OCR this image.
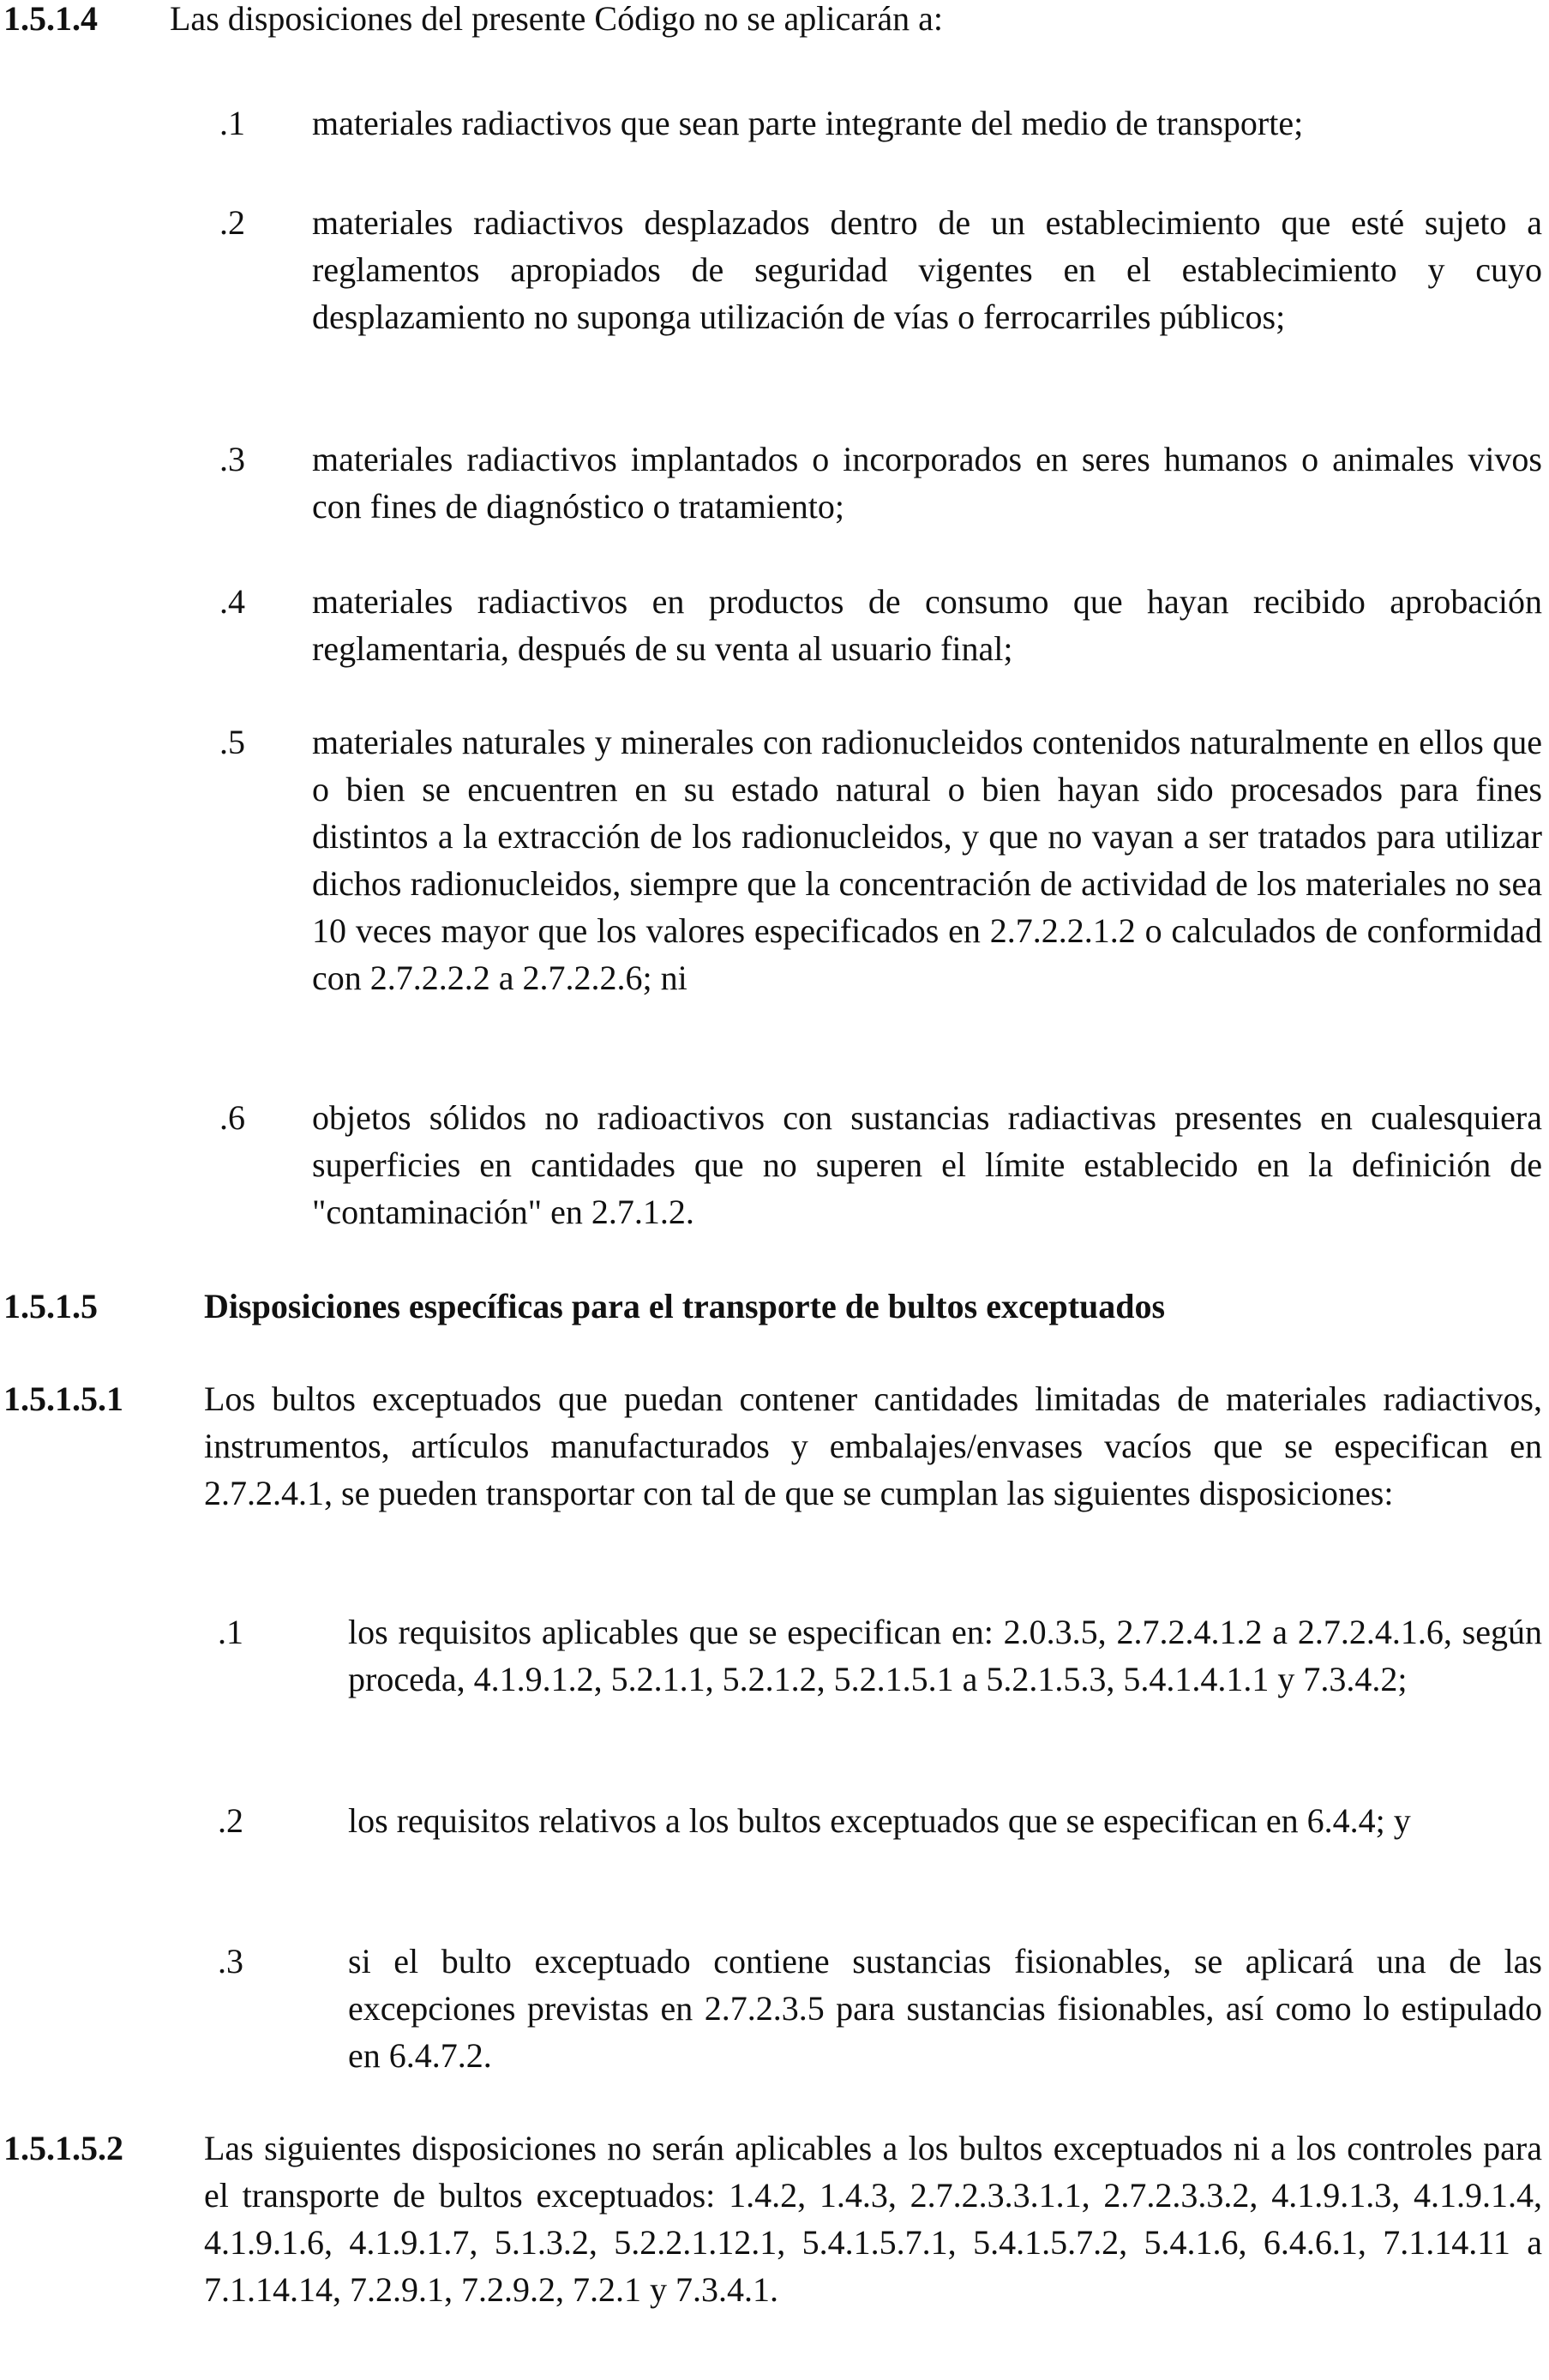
1.5.1.4 Las disposiciones del presente Código no se aplicarán a:
.1 materiales radiactivos que sean parte integrante del medio de transporte;

.2 materiales radiactivos desplazados dentro de un establecimiento que esté sujeto a reglamentos apropiados de seguridad vigentes en el establecimiento y cuyo desplazamiento no suponga utilización de vías o ferrocarriles públicos;

.3 materiales radiactivos implantados o incorporados en seres humanos o animales vivos con fines de diagnóstico o tratamiento;

.4 materiales radiactivos en productos de consumo que hayan recibido aprobación reglamentaria, después de su venta al usuario final;

.5 materiales naturales y minerales con radionucleidos contenidos naturalmente en ellos que o bien se encuentren en su estado natural o bien hayan sido procesados para fines distintos a la extracción de los radionucleidos, y que no vayan a ser tratados para utilizar dichos radionucleidos, siempre que la concentración de actividad de los materiales no sea 10 veces mayor que los valores especificados en 2.7.2.2.1.2 o calculados de conformidad con 2.7.2.2.2 a 2.7.2.2.6; ni

.6 objetos sólidos no radioactivos con sustancias radiactivas presentes en cualesquiera superficies en cantidades que no superen el límite establecido en la definición de "contaminación" en 2.7.1.2.

1.5.1.5	Disposiciones específicas para el transporte de bultos exceptuados
1.5.1.5.1 Los bultos exceptuados que puedan contener cantidades limitadas de materiales radiactivos, instrumentos, artículos manufacturados y embalajes/envases vacíos que se especifican en 2.7.2.4.1, se pueden transportar con tal de que se cumplan las siguientes disposiciones:

.1	los requisitos aplicables que se especifican en: 2.0.3.5, 2.7.2.4.1.2 a 2.7.2.4.1.6, según proceda, 4.1.9.1.2, 5.2.1.1, 5.2.1.2, 5.2.1.5.1 a 5.2.1.5.3, 5.4.1.4.1.1 y 7.3.4.2;

.2	los requisitos relativos a los bultos exceptuados que se especifican en 6.4.4; y

.3	si el bulto exceptuado contiene sustancias fisionables, se aplicará una de las excepciones previstas en 2.7.2.3.5 para sustancias fisionables, así como lo estipulado en 6.4.7.2.

1.5.1.5.2 Las siguientes disposiciones no serán aplicables a los bultos exceptuados ni a los controles para el transporte de bultos exceptuados: 1.4.2, 1.4.3, 2.7.2.3.3.1.1, 2.7.2.3.3.2, 4.1.9.1.3, 4.1.9.1.4, 4.1.9.1.6, 4.1.9.1.7, 5.1.3.2, 5.2.2.1.12.1, 5.4.1.5.7.1, 5.4.1.5.7.2, 5.4.1.6, 6.4.6.1, 7.1.14.11 a 7.1.14.14, 7.2.9.1, 7.2.9.2, 7.2.1 y 7.3.4.1.
